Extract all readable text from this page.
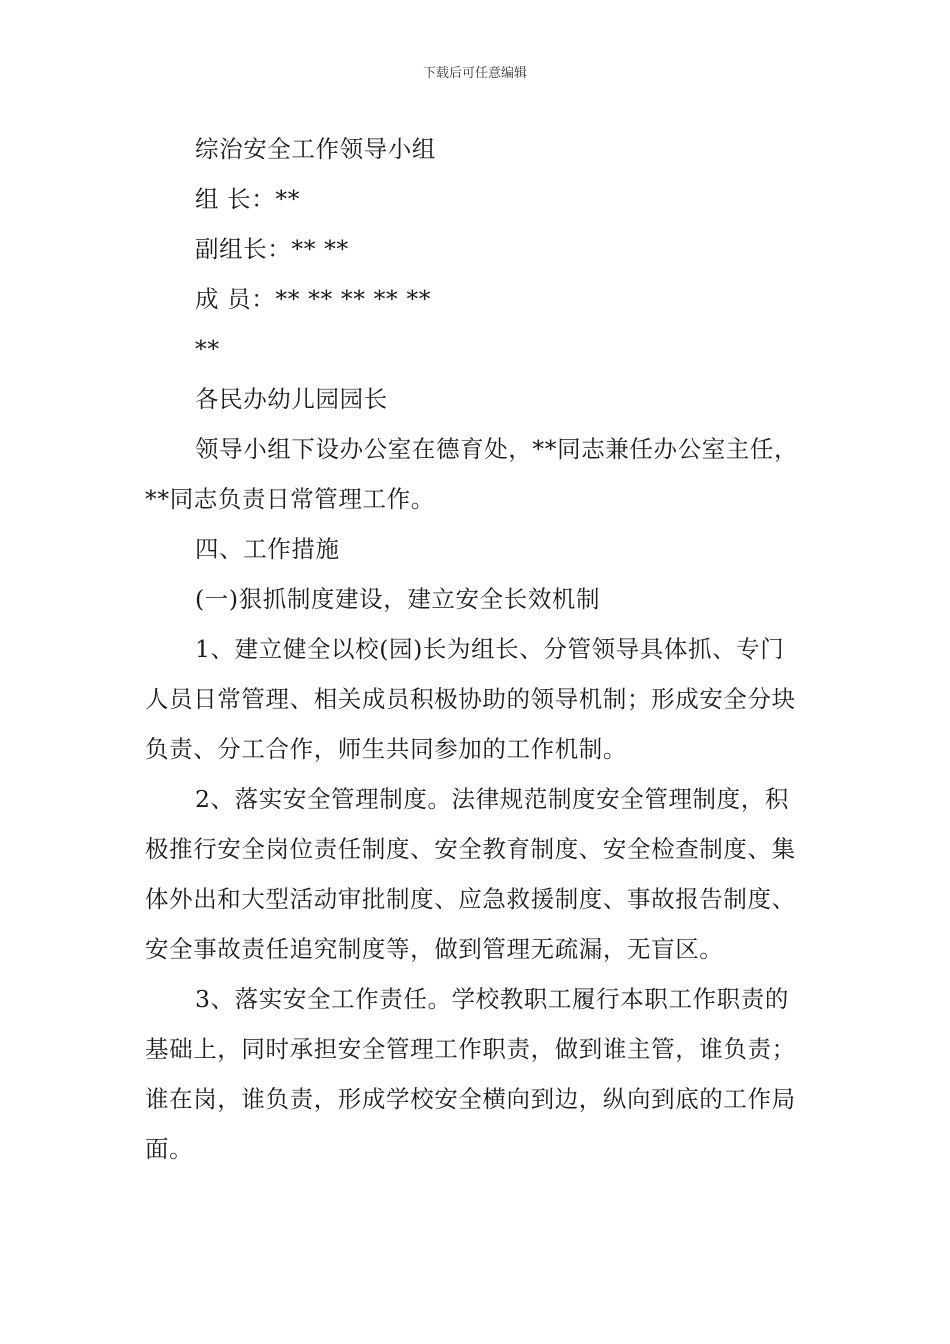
下载后可任意编辑

综治安全工作领导小组

组 长：**

副组长：** **

成 员：** ** ** ** **

**

各民办幼儿园园长

领导小组下设办公室在德育处，**同志兼任办公室主任，**同志负责日常管理工作。

四、工作措施

(一)狠抓制度建设，建立安全长效机制

1、建立健全以校(园)长为组长、分管领导具体抓、专门人员日常管理、相关成员积极协助的领导机制；形成安全分块负责、分工合作，师生共同参加的工作机制。

2、落实安全管理制度。法律规范制度安全管理制度，积极推行安全岗位责任制度、安全教育制度、安全检查制度、集体外出和大型活动审批制度、应急救援制度、事故报告制度、安全事故责任追究制度等，做到管理无疏漏，无盲区。

3、落实安全工作责任。学校教职工履行本职工作职责的基础上，同时承担安全管理工作职责，做到谁主管，谁负责；谁在岗，谁负责，形成学校安全横向到边，纵向到底的工作局面。
